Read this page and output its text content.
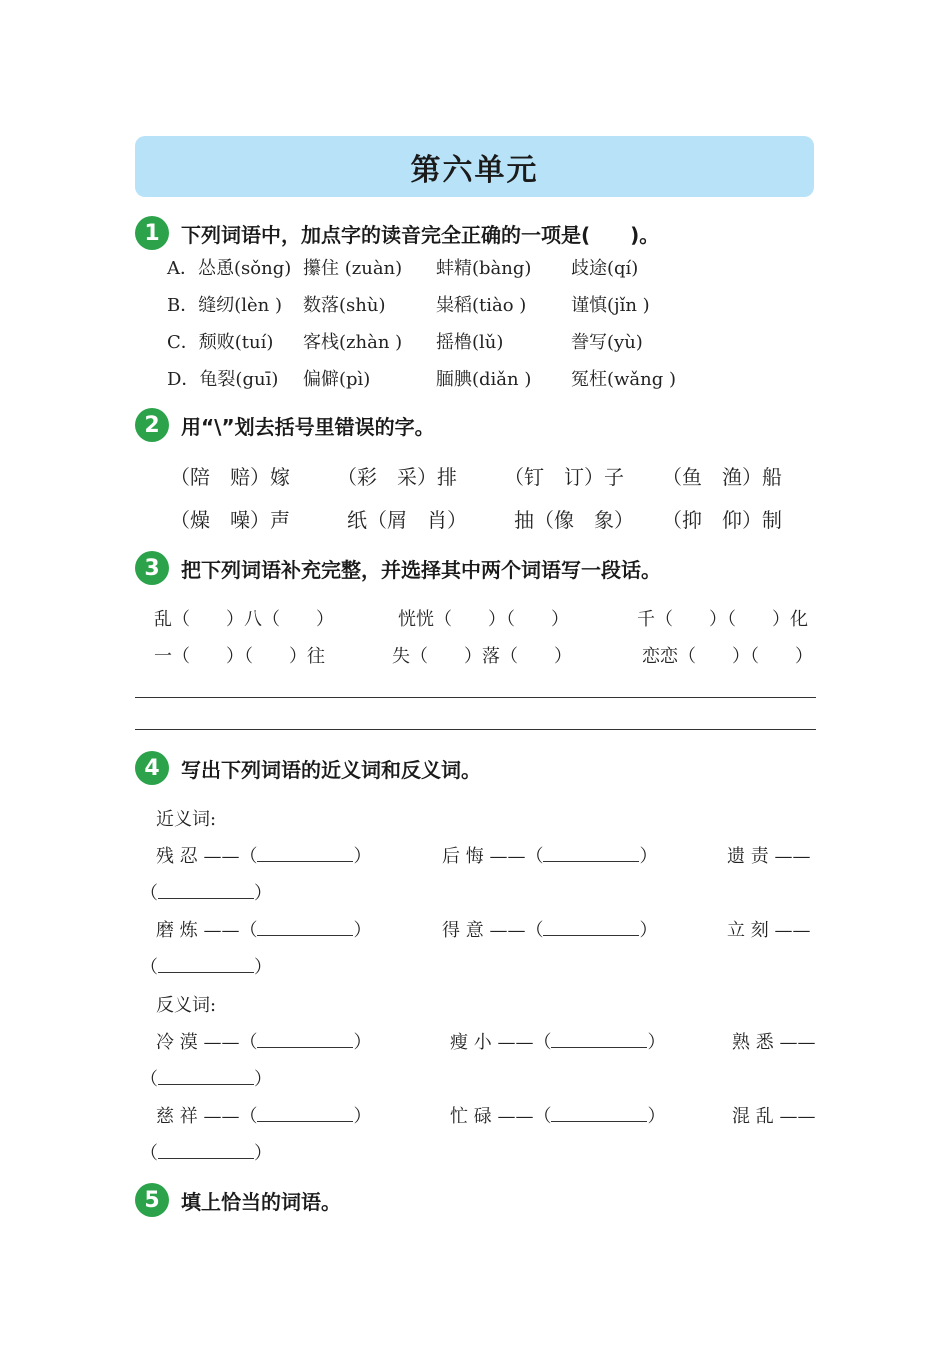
第六单元
1	下列词语中，加点字的读音完全正确的一项是(　　)。
A．怂恿(sǒng) 攥住 (zuàn) 蚌精(bàng) 歧途(qí)
B．缝纫(lèn ) 数落(shù)	粜稻(tiào ) 谨慎(jǐn )
C．颓败(tuí) 客栈(zhàn ) 摇橹(lǔ)	誊写(yù)
D．龟裂(guī) 偏僻(pì)	腼腆(diǎn ) 冤枉(wǎng )
2	用“\”划去括号里错误的字。
（陪　赔）嫁 （彩　采）排 （钉　订）子 （鱼　渔）船
（燥　噪）声	纸（屑　肖） 抽（像　象） （抑　仰）制
3	把下列词语补充完整，并选择其中两个词语写一段话。
乱（　　）八（　　）	恍恍（　　）（　　）	千（　　）（　　）化
一（　　）（　　）往	失（　　）落（　　）	恋恋（　　）（　　）
4	写出下列词语的近义词和反义词。
近义词:
残 忍 ——（	）	后 悔 ——（	）	遗 责 ——
（	）
磨 炼 ——（	）	得 意 ——（	）	立 刻 ——
（	）
反义词:
冷 漠 ——（	）	瘦 小 ——（	）	熟 悉 ——
（	）
慈 祥 ——（	）	忙 碌 ——（	）	混 乱 ——
（	）
5	填上恰当的词语。
